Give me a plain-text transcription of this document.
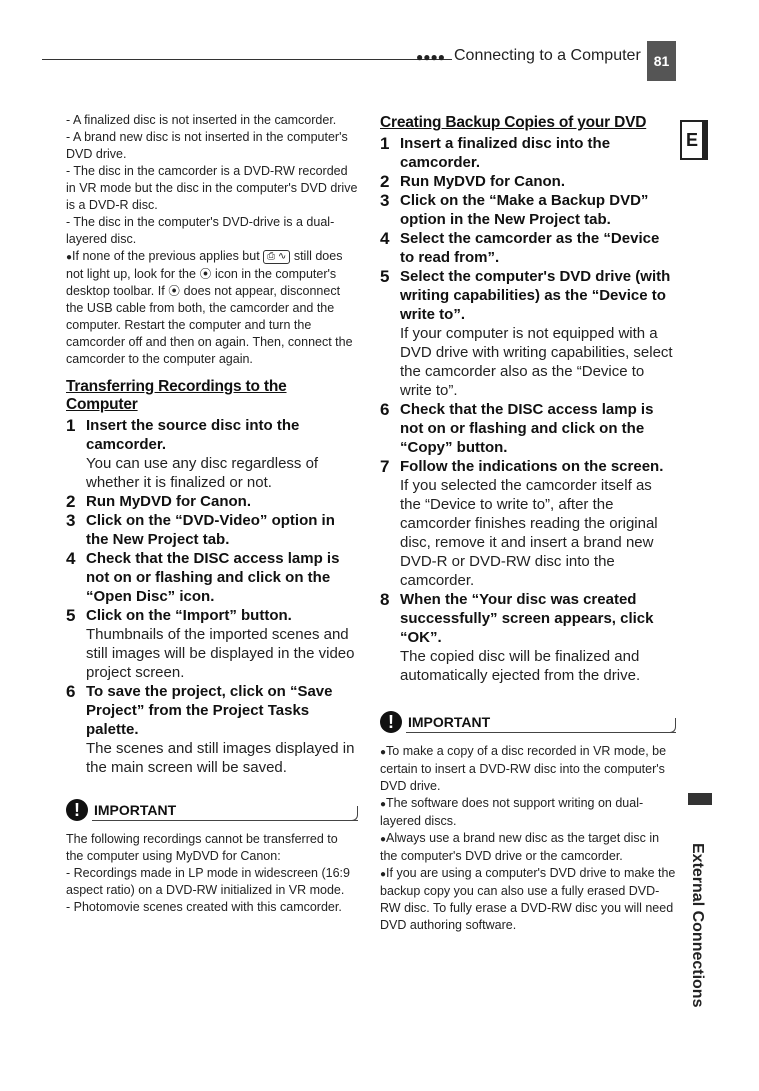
●●●● Connecting to a Computer 81
E
External Connections

- A finalized disc is not inserted in the camcorder.

- A brand new disc is not inserted in the computer's DVD drive.

- The disc in the camcorder is a DVD-RW recorded in VR mode but the disc in the computer's DVD drive is a DVD-R disc.

- The disc in the computer's DVD-drive is a dual-layered disc.

● If none of the previous applies but ⎙ ∿ still does not light up, look for the ⦿ icon in the computer's desktop toolbar. If ⦿ does not appear, disconnect the USB cable from both, the camcorder and the computer. Restart the computer and turn the camcorder off and then on again. Then, connect the camcorder to the computer again.

Transferring Recordings to the Computer
1 Insert the source disc into the camcorder.

You can use any disc regardless of whether it is finalized or not.

2 Run MyDVD for Canon.

3 Click on the “DVD-Video” option in the New Project tab.

4 Check that the DISC access lamp is not on or flashing and click on the “Open Disc” icon.

5 Click on the “Import” button.

Thumbnails of the imported scenes and still images will be displayed in the video project screen.

6 To save the project, click on “Save Project” from the Project Tasks palette.

The scenes and still images displayed in the main screen will be saved.

!	IMPORTANT

The following recordings cannot be transferred to the computer using MyDVD for Canon:

- Recordings made in LP mode in widescreen (16:9 aspect ratio) on a DVD-RW initialized in VR mode.

- Photomovie scenes created with this camcorder.

Creating Backup Copies of your DVD
1 Insert a finalized disc into the camcorder.

2 Run MyDVD for Canon.

3 Click on the “Make a Backup DVD” option in the New Project tab.

4 Select the camcorder as the “Device to read from”.

5 Select the computer's DVD drive (with writing capabilities) as the “Device to write to”.

If your computer is not equipped with a DVD drive with writing capabilities, select the camcorder also as the “Device to write to”.

6 Check that the DISC access lamp is not on or flashing and click on the “Copy” button.

7 Follow the indications on the screen.

If you selected the camcorder itself as the “Device to write to”, after the camcorder finishes reading the original disc, remove it and insert a brand new DVD-R or DVD-RW disc into the camcorder.

8 When the “Your disc was created successfully” screen appears, click “OK”.

The copied disc will be finalized and automatically ejected from the drive.

!	IMPORTANT

● To make a copy of a disc recorded in VR mode, be certain to insert a DVD-RW disc into the computer's DVD drive.

● The software does not support writing on dual-layered discs.

● Always use a brand new disc as the target disc in the computer's DVD drive or the camcorder.

● If you are using a computer's DVD drive to make the backup copy you can also use a fully erased DVD-RW disc. To fully erase a DVD-RW disc you will need DVD authoring software.
